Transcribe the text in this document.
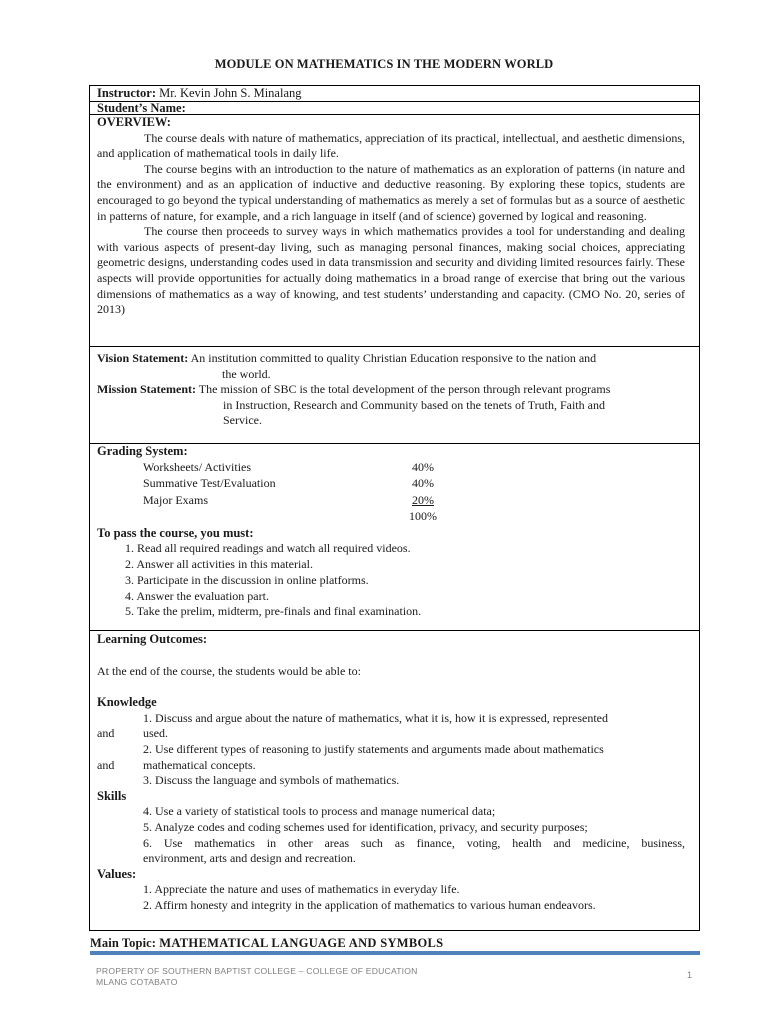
MODULE ON MATHEMATICS IN THE MODERN WORLD
Instructor: Mr. Kevin John S. Minalang
Student’s Name:
OVERVIEW:

The course deals with nature of mathematics, appreciation of its practical, intellectual, and aesthetic dimensions, and application of mathematical tools in daily life.

The course begins with an introduction to the nature of mathematics as an exploration of patterns (in nature and the environment) and as an application of inductive and deductive reasoning. By exploring these topics, students are encouraged to go beyond the typical understanding of mathematics as merely a set of formulas but as a source of aesthetic in patterns of nature, for example, and a rich language in itself (and of science) governed by logical and reasoning.

The course then proceeds to survey ways in which mathematics provides a tool for understanding and dealing with various aspects of present-day living, such as managing personal finances, making social choices, appreciating geometric designs, understanding codes used in data transmission and security and dividing limited resources fairly. These aspects will provide opportunities for actually doing mathematics in a broad range of exercise that bring out the various dimensions of mathematics as a way of knowing, and test students’ understanding and capacity. (CMO No. 20, series of 2013)

Vision Statement: An institution committed to quality Christian Education responsive to the nation and
the world.
Mission Statement: The mission of SBC is the total development of the person through relevant programs
in Instruction, Research and Community based on the tenets of Truth, Faith and
Service.
Grading System:
Worksheets/ Activities	40%
Summative Test/Evaluation	40%
Major Exams	20%
100%
To pass the course, you must:
1. Read all required readings and watch all required videos.
2. Answer all activities in this material.
3. Participate in the discussion in online platforms.
4. Answer the evaluation part.
5. Take the prelim, midterm, pre-finals and final examination.
Learning Outcomes:
At the end of the course, the students would be able to:
Knowledge
1. Discuss and argue about the nature of mathematics, what it is, how it is expressed, represented
and used.
2. Use different types of reasoning to justify statements and arguments made about mathematics
and mathematical concepts.
3. Discuss the language and symbols of mathematics.
Skills
4. Use a variety of statistical tools to process and manage numerical data;
5. Analyze codes and coding schemes used for identification, privacy, and security purposes;
6. Use mathematics in other areas such as finance, voting, health and medicine, business,
environment, arts and design and recreation.
Values:
1. Appreciate the nature and uses of mathematics in everyday life.
2. Affirm honesty and integrity in the application of mathematics to various human endeavors.
Main Topic: MATHEMATICAL LANGUAGE AND SYMBOLS
PROPERTY OF SOUTHERN BAPTIST COLLEGE – COLLEGE OF EDUCATION
MLANG COTABATO
1
